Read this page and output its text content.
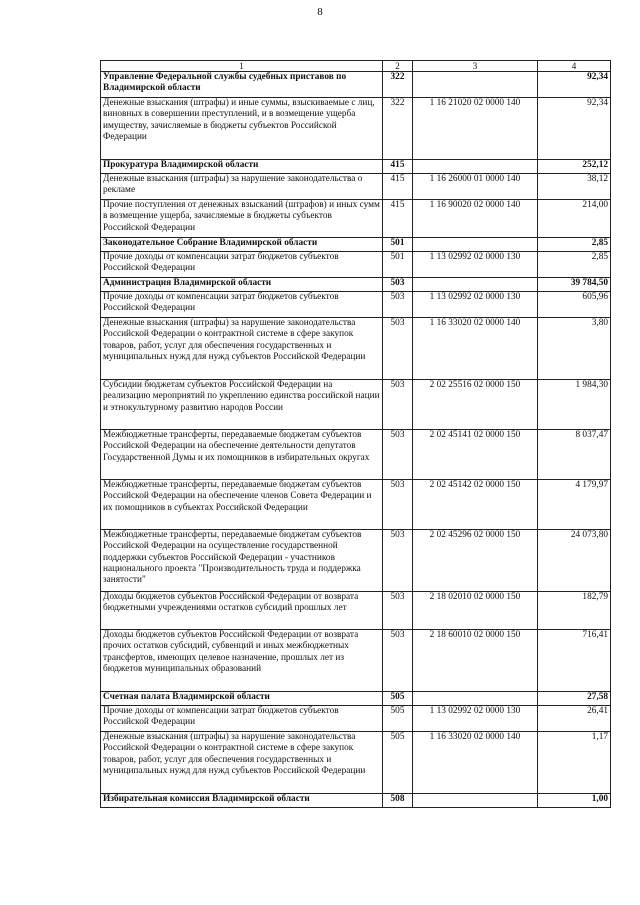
8
1	2	3	4
Управление Федеральной службы судебных приставов по Владимирской области	322		92,34
Денежные взыскания (штрафы) и иные суммы, взыскиваемые с лиц, виновных в совершении преступлений, и в возмещение ущерба имуществу, зачисляемые в бюджеты субъектов Российской Федерации	322	1 16 21020 02 0000 140	92,34
Прокуратура Владимирской области	415		252,12
Денежные взыскания (штрафы) за нарушение законодательства о рекламе	415	1 16 26000 01 0000 140	38,12
Прочие поступления от денежных взысканий (штрафов) и иных сумм в возмещение ущерба, зачисляемые в бюджеты субъектов Российской Федерации	415	1 16 90020 02 0000 140	214,00
Законодательное Собрание Владимирской области	501		2,85
Прочие доходы от компенсации затрат бюджетов субъектов Российской Федерации	501	1 13 02992 02 0000 130	2,85
Администрация Владимирской области	503		39 784,50
Прочие доходы от компенсации затрат бюджетов субъектов Российской Федерации	503	1 13 02992 02 0000 130	605,96
Денежные взыскания (штрафы) за нарушение законодательства Российской Федерации о контрактной системе в сфере закупок товаров, работ, услуг для обеспечения государственных и муниципальных нужд для нужд субъектов Российской Федерации	503	1 16 33020 02 0000 140	3,80
Субсидии бюджетам субъектов Российской Федерации на реализацию мероприятий по укреплению единства российской нации и этнокультурному развитию народов России	503	2 02 25516 02 0000 150	1 984,30
Межбюджетные трансферты, передаваемые бюджетам субъектов Российской Федерации на обеспечение деятельности депутатов Государственной Думы и их помощников в избирательных округах	503	2 02 45141 02 0000 150	8 037,47
Межбюджетные трансферты, передаваемые бюджетам субъектов Российской Федерации на обеспечение членов Совета Федерации и их помощников в субъектах Российской Федерации	503	2 02 45142 02 0000 150	4 179,97
Межбюджетные трансферты, передаваемые бюджетам субъектов Российской Федерации на осуществление государственной поддержки субъектов Российской Федерации - участников национального проекта "Производительность труда и поддержка занятости"	503	2 02 45296 02 0000 150	24 073,80
Доходы бюджетов субъектов Российской Федерации от возврата бюджетными учреждениями остатков субсидий прошлых лет	503	2 18 02010 02 0000 150	182,79
Доходы бюджетов субъектов Российской Федерации от возврата прочих остатков субсидий, субвенций и иных межбюджетных трансфертов, имеющих целевое назначение, прошлых лет из бюджетов муниципальных образований	503	2 18 60010 02 0000 150	716,41
Счетная палата Владимирской области	505		27,58
Прочие доходы от компенсации затрат бюджетов субъектов Российской Федерации	505	1 13 02992 02 0000 130	26,41
Денежные взыскания (штрафы) за нарушение законодательства Российской Федерации о контрактной системе в сфере закупок товаров, работ, услуг для обеспечения государственных и муниципальных нужд для нужд субъектов Российской Федерации	505	1 16 33020 02 0000 140	1,17
Избирательная комиссия Владимирской области	508		1,00
